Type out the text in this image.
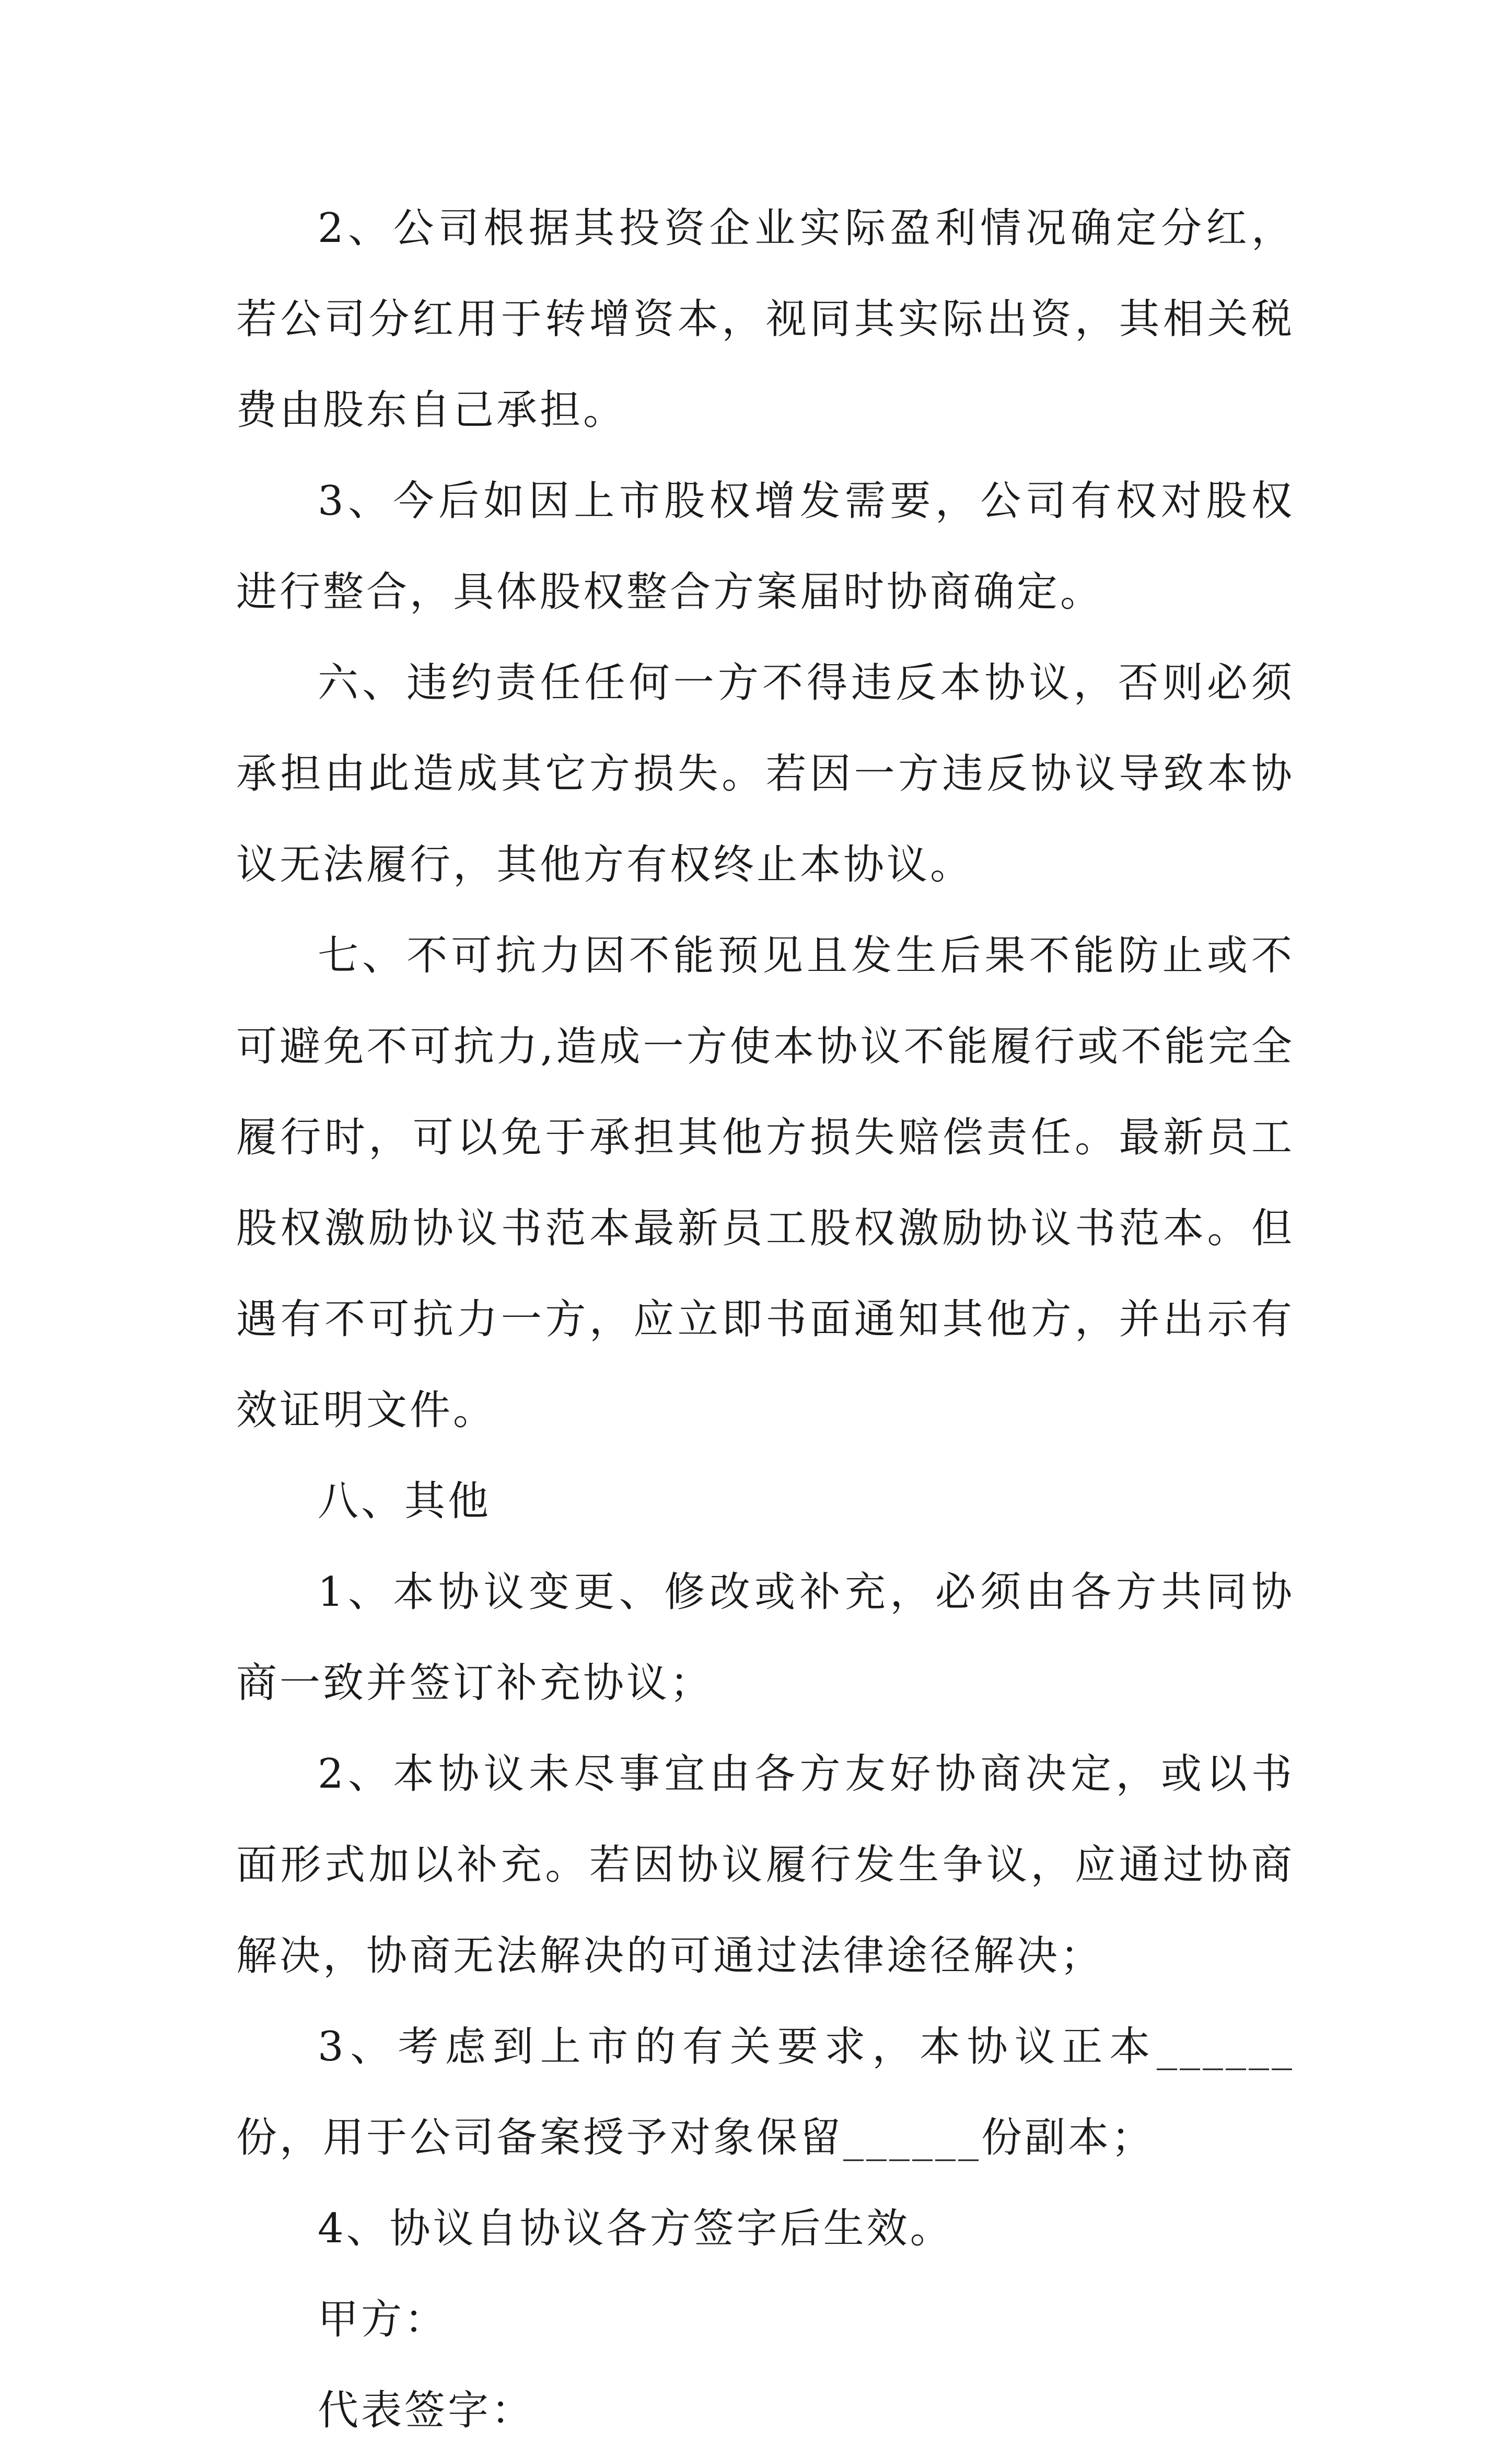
2、公司根据其投资企业实际盈利情况确定分红，若公司分红用于转增资本，视同其实际出资，其相关税费由股东自己承担。

3、今后如因上市股权增发需要，公司有权对股权进行整合，具体股权整合方案届时协商确定。

六、违约责任任何一方不得违反本协议，否则必须承担由此造成其它方损失。若因一方违反协议导致本协议无法履行，其他方有权终止本协议。

七、不可抗力因不能预见且发生后果不能防止或不可避免不可抗力,造成一方使本协议不能履行或不能完全履行时，可以免于承担其他方损失赔偿责任。最新员工股权激励协议书范本最新员工股权激励协议书范本。但遇有不可抗力一方，应立即书面通知其他方，并出示有效证明文件。

八、其他

1、本协议变更、修改或补充，必须由各方共同协商一致并签订补充协议；

2、本协议未尽事宜由各方友好协商决定，或以书面形式加以补充。若因协议履行发生争议，应通过协商解决，协商无法解决的可通过法律途径解决；

3、考虑到上市的有关要求，本协议正本______份，用于公司备案授予对象保留______份副本；

4、协议自协议各方签字后生效。

甲方：

代表签字：
